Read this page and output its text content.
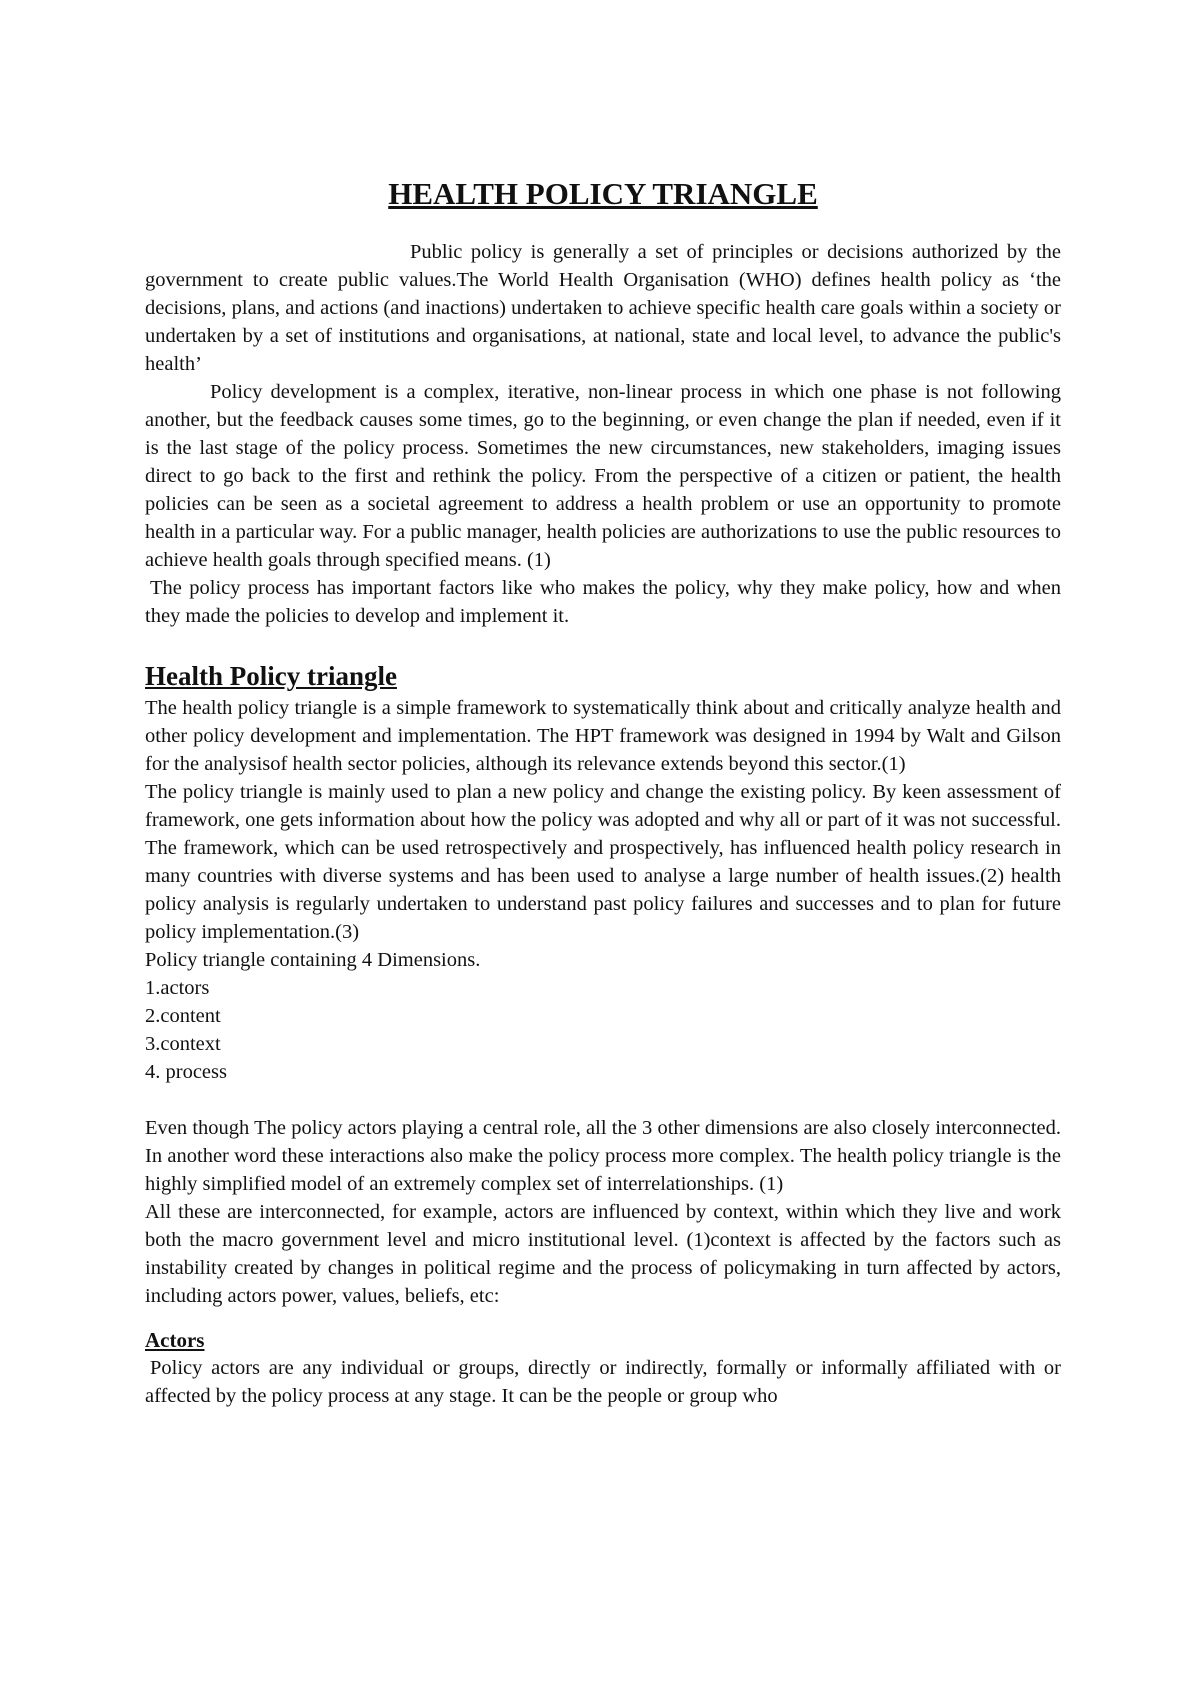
HEALTH POLICY TRIANGLE

Public policy is generally a set of principles or decisions authorized by the government to create public values.The World Health Organisation (WHO) defines health policy as ‘the decisions, plans, and actions (and inactions) undertaken to achieve specific health care goals within a society or undertaken by a set of institutions and organisations, at national, state and local level, to advance the public's health’

Policy development is a complex, iterative, non-linear process in which one phase is not following another, but the feedback causes some times, go to the beginning, or even change the plan if needed, even if it is the last stage of the policy process. Sometimes the new circumstances, new stakeholders, imaging issues direct to go back to the first and rethink the policy. From the perspective of a citizen or patient, the health policies can be seen as a societal agreement to address a health problem or use an opportunity to promote health in a particular way. For a public manager, health policies are authorizations to use the public resources to achieve health goals through specified means. (1)

The policy process has important factors like who makes the policy, why they make policy, how and when they made the policies to develop and implement it.

Health Policy triangle

The health policy triangle is a simple framework to systematically think about and critically analyze health and other policy development and implementation. The HPT framework was designed in 1994 by Walt and Gilson for the analysisof health sector policies, although its relevance extends beyond this sector.(1)

The policy triangle is mainly used to plan a new policy and change the existing policy. By keen assessment of framework, one gets information about how the policy was adopted and why all or part of it was not successful. The framework, which can be used retrospectively and prospectively, has influenced health policy research in many countries with diverse systems and has been used to analyse a large number of health issues.(2) health policy analysis is regularly undertaken to understand past policy failures and successes and to plan for future policy implementation.(3)

Policy triangle containing 4 Dimensions.

1.actors
2.content
3.context
4. process

Even though The policy actors playing a central role, all the 3 other dimensions are also closely interconnected. In another word these interactions also make the policy process more complex. The health policy triangle is the highly simplified model of an extremely complex set of interrelationships. (1)

All these are interconnected, for example, actors are influenced by context, within which they live and work both the macro government level and micro institutional level. (1)context is affected by the factors such as instability created by changes in political regime and the process of policymaking in turn affected by actors, including actors power, values, beliefs, etc:

Actors

Policy actors are any individual or groups, directly or indirectly, formally or informally affiliated with or affected by the policy process at any stage. It can be the people or group who
